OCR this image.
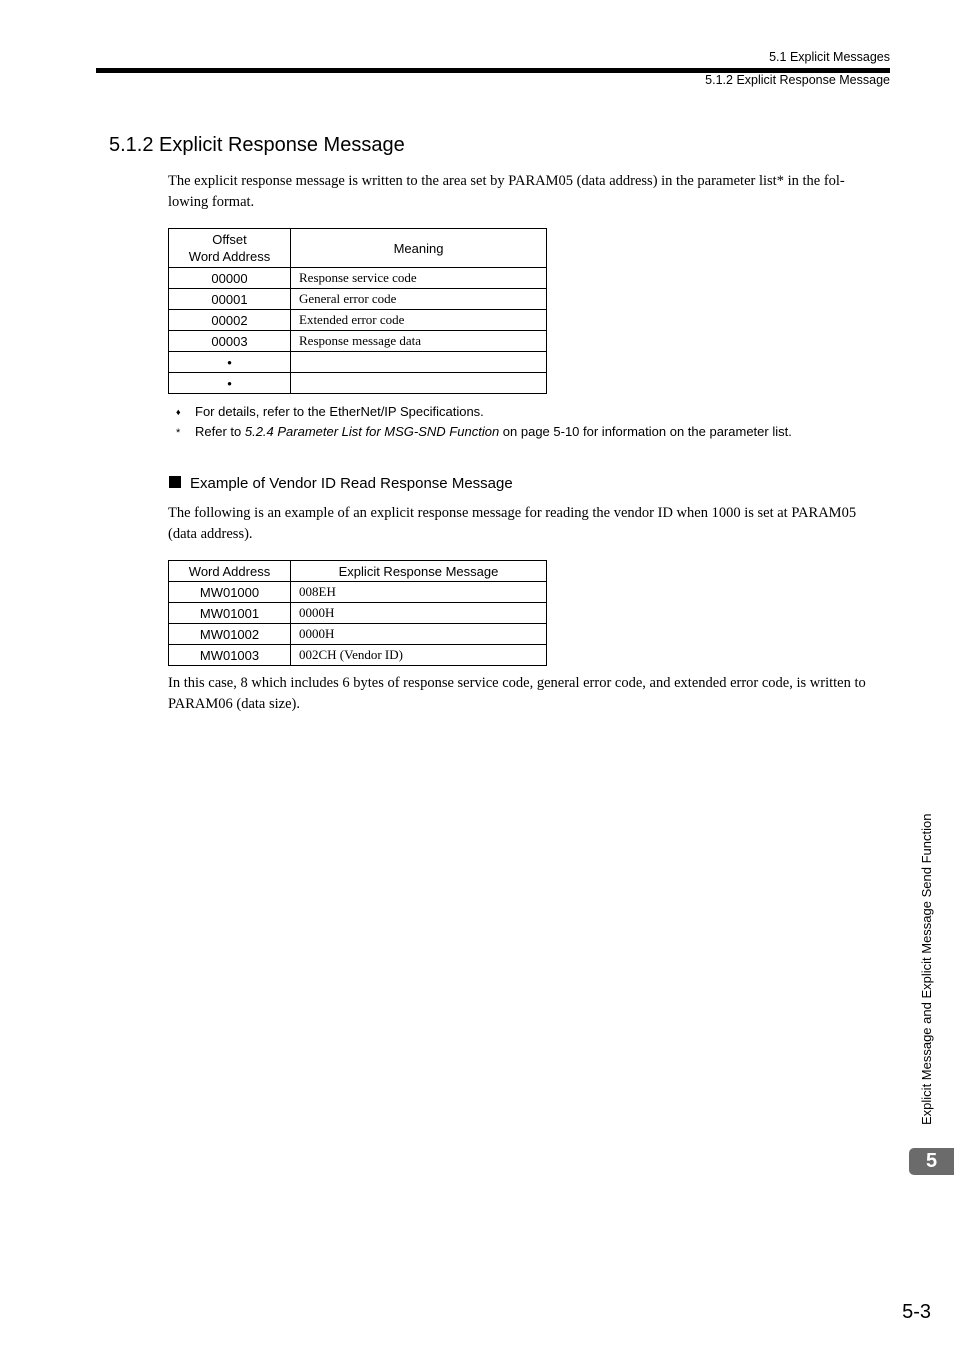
5.1 Explicit Messages
5.1.2 Explicit Response Message
5.1.2 Explicit Response Message
The explicit response message is written to the area set by PARAM05 (data address) in the parameter list* in the fol- lowing format.
Offset
Word Address	Meaning
00000	Response service code
00001	General error code
00002	Extended error code
00003	Response message data
•	
•	
♦ For details, refer to the EtherNet/IP Specifications.
* Refer to 5.2.4 Parameter List for MSG-SND Function on page 5-10 for information on the parameter list.
Example of Vendor ID Read Response Message
The following is an example of an explicit response message for reading the vendor ID when 1000 is set at PARAM05 (data address).
Word Address	Explicit Response Message
MW01000	008EH
MW01001	0000H
MW01002	0000H
MW01003	002CH (Vendor ID)
In this case, 8 which includes 6 bytes of response service code, general error code, and extended error code, is written to PARAM06 (data size).
Explicit Message and Explicit Message Send Function
5
5-3
